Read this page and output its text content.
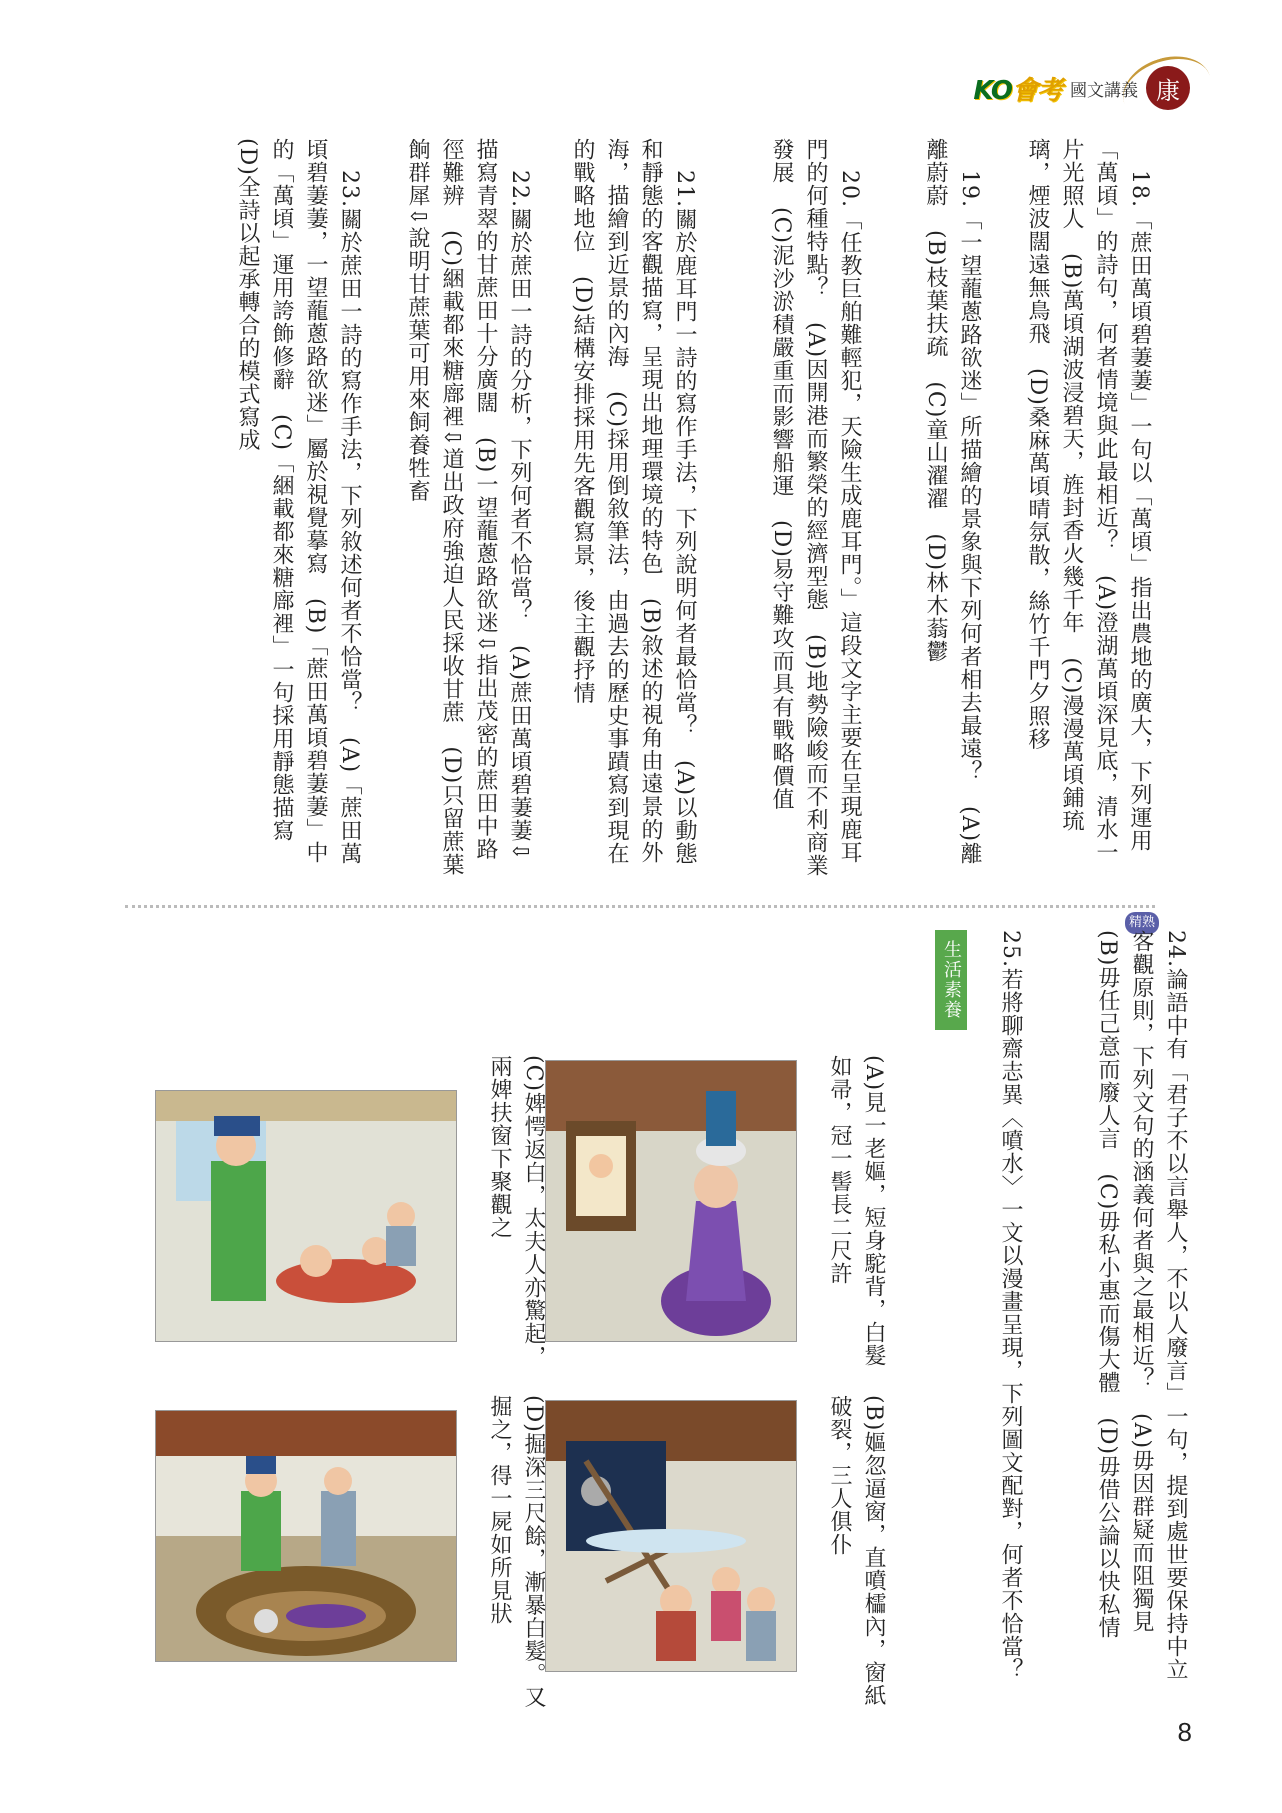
KO會考 國文講義 康

18.「蔗田萬頃碧萋萋」一句以「萬頃」指出農地的廣大，下列運用「萬頃」的詩句，何者情境與此最相近？　(A)澄湖萬頃深見底，清水一片光照人　(B)萬頃湖波浸碧天，旌封香火幾千年　(C)漫漫萬頃鋪琉璃，煙波闊遠無鳥飛　(D)桑麻萬頃晴氛散，絲竹千門夕照移

19.「一望蘢蔥路欲迷」所描繪的景象與下列何者相去最遠？　(A)離離蔚蔚　(B)枝葉扶疏　(C)童山濯濯　(D)林木蓊鬱

20.「任教巨舶難輕犯，天險生成鹿耳門。」這段文字主要在呈現鹿耳門的何種特點？　(A)因開港而繁榮的經濟型態　(B)地勢險峻而不利商業發展　(C)泥沙淤積嚴重而影響船運　(D)易守難攻而具有戰略價值

21.關於鹿耳門一詩的寫作手法，下列說明何者最恰當？　(A)以動態和靜態的客觀描寫，呈現出地理環境的特色　(B)敘述的視角由遠景的外海，描繪到近景的內海　(C)採用倒敘筆法，由過去的歷史事蹟寫到現在的戰略地位　(D)結構安排採用先客觀寫景，後主觀抒情

22.關於蔗田一詩的分析，下列何者不恰當？　(A)蔗田萬頃碧萋萋⇩描寫青翠的甘蔗田十分廣闊　(B)一望蘢蔥路欲迷⇩指出茂密的蔗田中路徑難辨　(C)綑載都來糖廍裡⇩道出政府強迫人民採收甘蔗　(D)只留蔗葉餉群犀⇩說明甘蔗葉可用來飼養牲畜

23.關於蔗田一詩的寫作手法，下列敘述何者不恰當？　(A)「蔗田萬頃碧萋萋，一望蘢蔥路欲迷」屬於視覺摹寫　(B)「蔗田萬頃碧萋萋」中的「萬頃」運用誇飾修辭　(C)「綑載都來糖廍裡」一句採用靜態描寫　(D)全詩以起承轉合的模式寫成

精熟
24.論語中有「君子不以言舉人，不以人廢言」一句，提到處世要保持中立客觀原則，下列文句的涵義何者與之最相近？　(A)毋因群疑而阻獨見　(B)毋任己意而廢人言　(C)毋私小惠而傷大體　(D)毋借公論以快私情
生活素養	25.若將聊齋志異〈噴水〉一文以漫畫呈現，下列圖文配對，何者不恰當？
(A)見一老嫗，短身駝背，白髮如帚，冠一髻長二尺許
(B)嫗忽逼窗，直噴櫺內，窗紙破裂，三人俱仆
(C)婢愕返白，太夫人亦驚起，兩婢扶窗下聚觀之
(D)掘深三尺餘，漸暴白髮。又掘之，得一屍如所見狀
8
